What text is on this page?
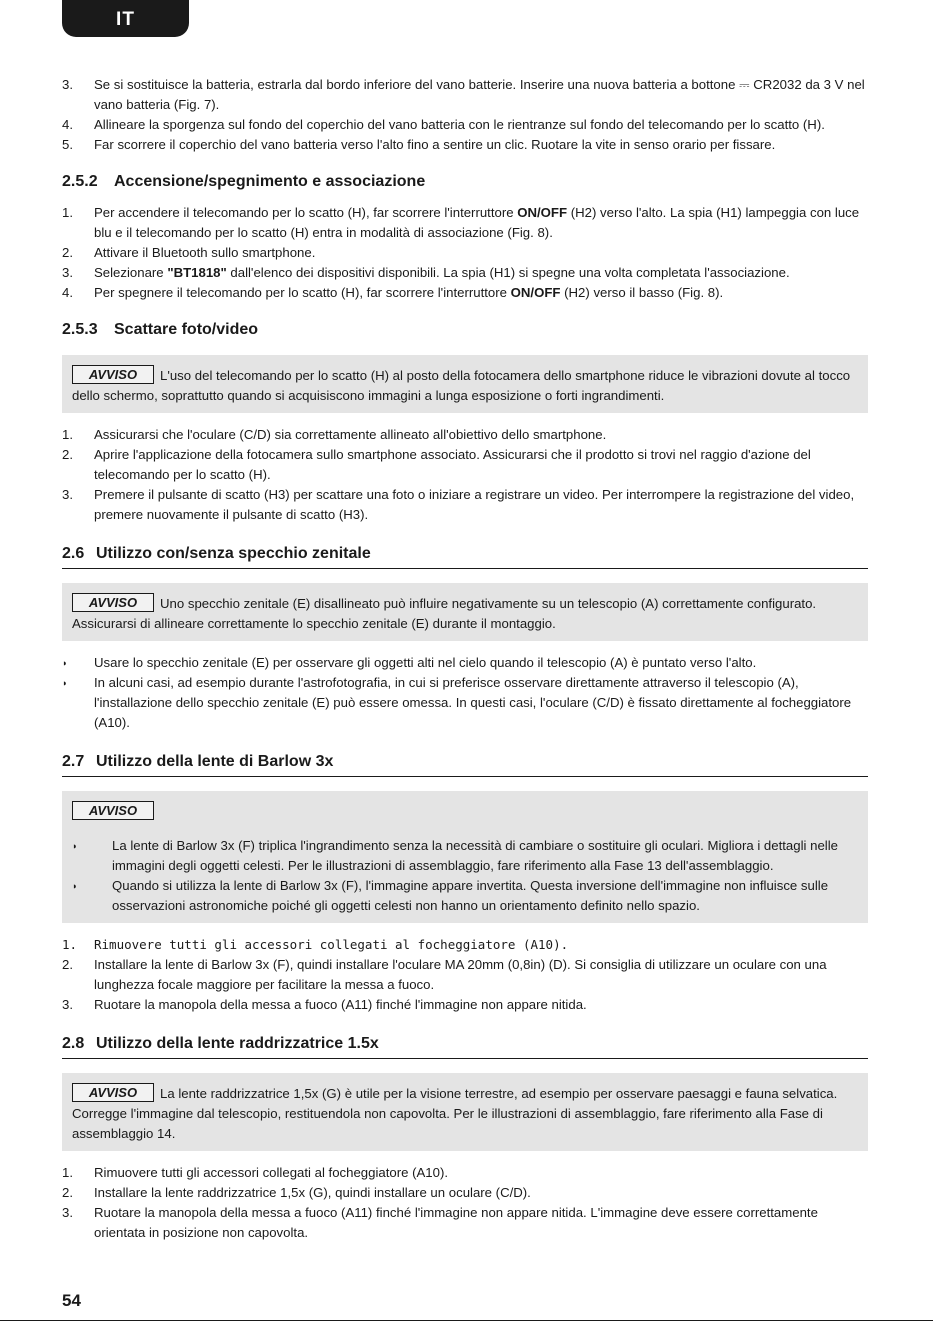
IT
3. Se si sostituisce la batteria, estrarla dal bordo inferiore del vano batterie. Inserire una nuova batteria a bottone ⎓ CR2032 da 3 V nel vano batteria (Fig. 7).
4. Allineare la sporgenza sul fondo del coperchio del vano batteria con le rientranze sul fondo del telecomando per lo scatto (H).
5. Far scorrere il coperchio del vano batteria verso l'alto fino a sentire un clic. Ruotare la vite in senso orario per fissare.
2.5.2 Accensione/spegnimento e associazione
1. Per accendere il telecomando per lo scatto (H), far scorrere l'interruttore ON/OFF (H2) verso l'alto. La spia (H1) lampeggia con luce blu e il telecomando per lo scatto (H) entra in modalità di associazione (Fig. 8).
2. Attivare il Bluetooth sullo smartphone.
3. Selezionare "BT1818" dall'elenco dei dispositivi disponibili. La spia (H1) si spegne una volta completata l'associazione.
4. Per spegnere il telecomando per lo scatto (H), far scorrere l'interruttore ON/OFF (H2) verso il basso (Fig. 8).
2.5.3 Scattare foto/video
AVVISO L'uso del telecomando per lo scatto (H) al posto della fotocamera dello smartphone riduce le vibrazioni dovute al tocco dello schermo, soprattutto quando si acquisiscono immagini a lunga esposizione o forti ingrandimenti.
1. Assicurarsi che l'oculare (C/D) sia correttamente allineato all'obiettivo dello smartphone.
2. Aprire l'applicazione della fotocamera sullo smartphone associato. Assicurarsi che il prodotto si trovi nel raggio d'azione del telecomando per lo scatto (H).
3. Premere il pulsante di scatto (H3) per scattare una foto o iniziare a registrare un video. Per interrompere la registrazione del video, premere nuovamente il pulsante di scatto (H3).
2.6 Utilizzo con/senza specchio zenitale
AVVISO Uno specchio zenitale (E) disallineato può influire negativamente su un telescopio (A) correttamente configurato. Assicurarsi di allineare correttamente lo specchio zenitale (E) durante il montaggio.
◗ Usare lo specchio zenitale (E) per osservare gli oggetti alti nel cielo quando il telescopio (A) è puntato verso l'alto.
◗ In alcuni casi, ad esempio durante l'astrofotografia, in cui si preferisce osservare direttamente attraverso il telescopio (A), l'installazione dello specchio zenitale (E) può essere omessa. In questi casi, l'oculare (C/D) è fissato direttamente al focheggiatore (A10).
2.7 Utilizzo della lente di Barlow 3x
AVVISO
◗	La lente di Barlow 3x (F) triplica l'ingrandimento senza la necessità di cambiare o sostituire gli oculari. Migliora i dettagli nelle immagini degli oggetti celesti. Per le illustrazioni di assemblaggio, fare riferimento alla Fase 13 dell'assemblaggio.
◗	Quando si utilizza la lente di Barlow 3x (F), l'immagine appare invertita. Questa inversione dell'immagine non influisce sulle osservazioni astronomiche poiché gli oggetti celesti non hanno un orientamento definito nello spazio.
1. Rimuovere tutti gli accessori collegati al focheggiatore (A10).
2. Installare la lente di Barlow 3x (F), quindi installare l'oculare MA 20mm (0,8in) (D). Si consiglia di utilizzare un oculare con una lunghezza focale maggiore per facilitare la messa a fuoco.
3. Ruotare la manopola della messa a fuoco (A11) finché l'immagine non appare nitida.
2.8 Utilizzo della lente raddrizzatrice 1.5x
AVVISO La lente raddrizzatrice 1,5x (G) è utile per la visione terrestre, ad esempio per osservare paesaggi e fauna selvatica. Corregge l'immagine dal telescopio, restituendola non capovolta. Per le illustrazioni di assemblaggio, fare riferimento alla Fase di assemblaggio 14.
1. Rimuovere tutti gli accessori collegati al focheggiatore (A10).
2. Installare la lente raddrizzatrice 1,5x (G), quindi installare un oculare (C/D).
3. Ruotare la manopola della messa a fuoco (A11) finché l'immagine non appare nitida. L'immagine deve essere correttamente orientata in posizione non capovolta.
54
